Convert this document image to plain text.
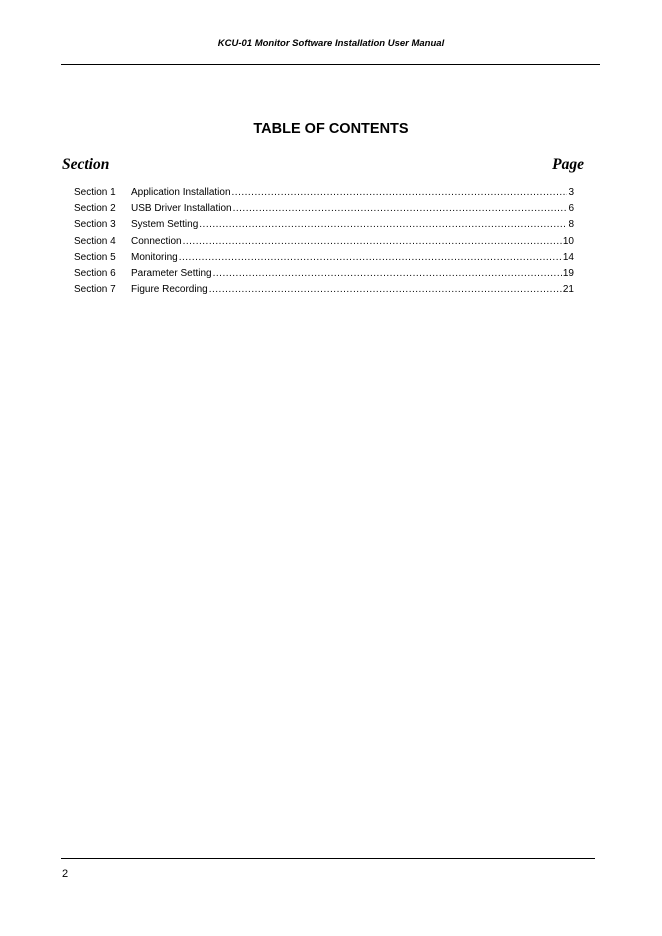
KCU-01 Monitor Software Installation User Manual
TABLE OF CONTENTS
Section	Page
Section 1	Application Installation .....	3
Section 2	USB Driver Installation .....	6
Section 3	System Setting .....	8
Section 4	Connection .....	10
Section 5	Monitoring .....	14
Section 6	Parameter Setting .....	19
Section 7	Figure Recording .....	21
2
